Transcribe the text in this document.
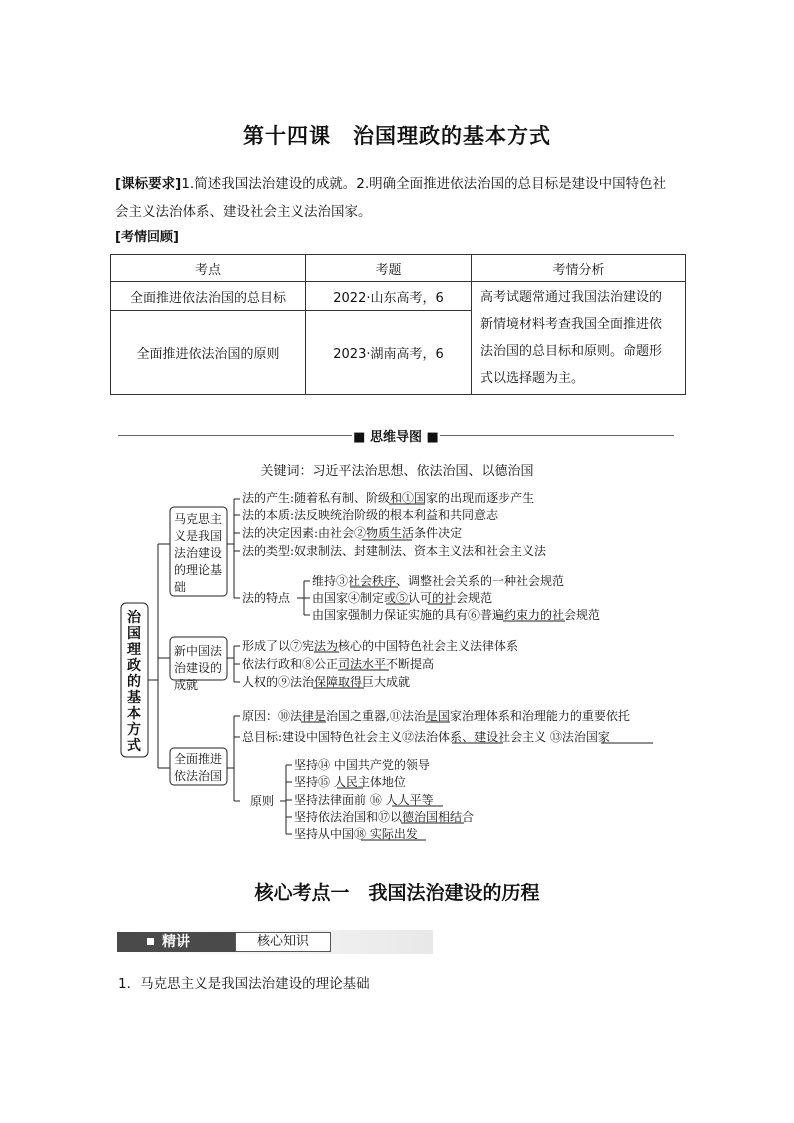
第十四课　治国理政的基本方式
[课标要求]1.简述我国法治建设的成就。2.明确全面推进依法治国的总目标是建设中国特色社
会主义法治体系、建设社会主义法治国家。
[考情回顾]
考点	考题	考情分析
全面推进依法治国的总目标	2022·山东高考，6	高考试题常通过我国法治建设的
新情境材料考查我国全面推进依
法治国的总目标和原则。命题形
式以选择题为主。

全面推进依法治国的原则	2023·湖南高考，6	
■ 思维导图 ■
关键词：习近平法治思想、依法治国、以德治国
治
国
理
政
的
基
本
方
式
马克思主
义是我国
法治建设
的理论基
础
新中国法
治建设的
成就
全面推进
依法治国
法的产生:随着私有制、阶级和①国家的出现而逐步产生
法的本质:法反映统治阶级的根本利益和共同意志
法的决定因素:由社会②物质生活条件决定
法的类型:奴隶制法、封建制法、资本主义法和社会主义法
法的特点
维持③社会秩序、调整社会关系的一种社会规范
由国家④制定或⑤认可的社会规范
由国家强制力保证实施的具有⑥普遍约束力的社会规范
形成了以⑦宪法为核心的中国特色社会主义法律体系
依法行政和⑧公正司法水平不断提高
人权的⑨法治保障取得巨大成就
原因：⑩法律是治国之重器,⑪法治是国家治理体系和治理能力的重要依托
总目标:建设中国特色社会主义⑫法治体系、建设社会主义 ⑬法治国家
原则
坚持⑭ 中国共产党的领导
坚持⑮ 人民主体地位
坚持法律面前 ⑯ 人人平等
坚持依法治国和⑰以德治国相结合
坚持从中国⑱ 实际出发
核心考点一　我国法治建设的历程
精讲	核心知识
1．马克思主义是我国法治建设的理论基础
